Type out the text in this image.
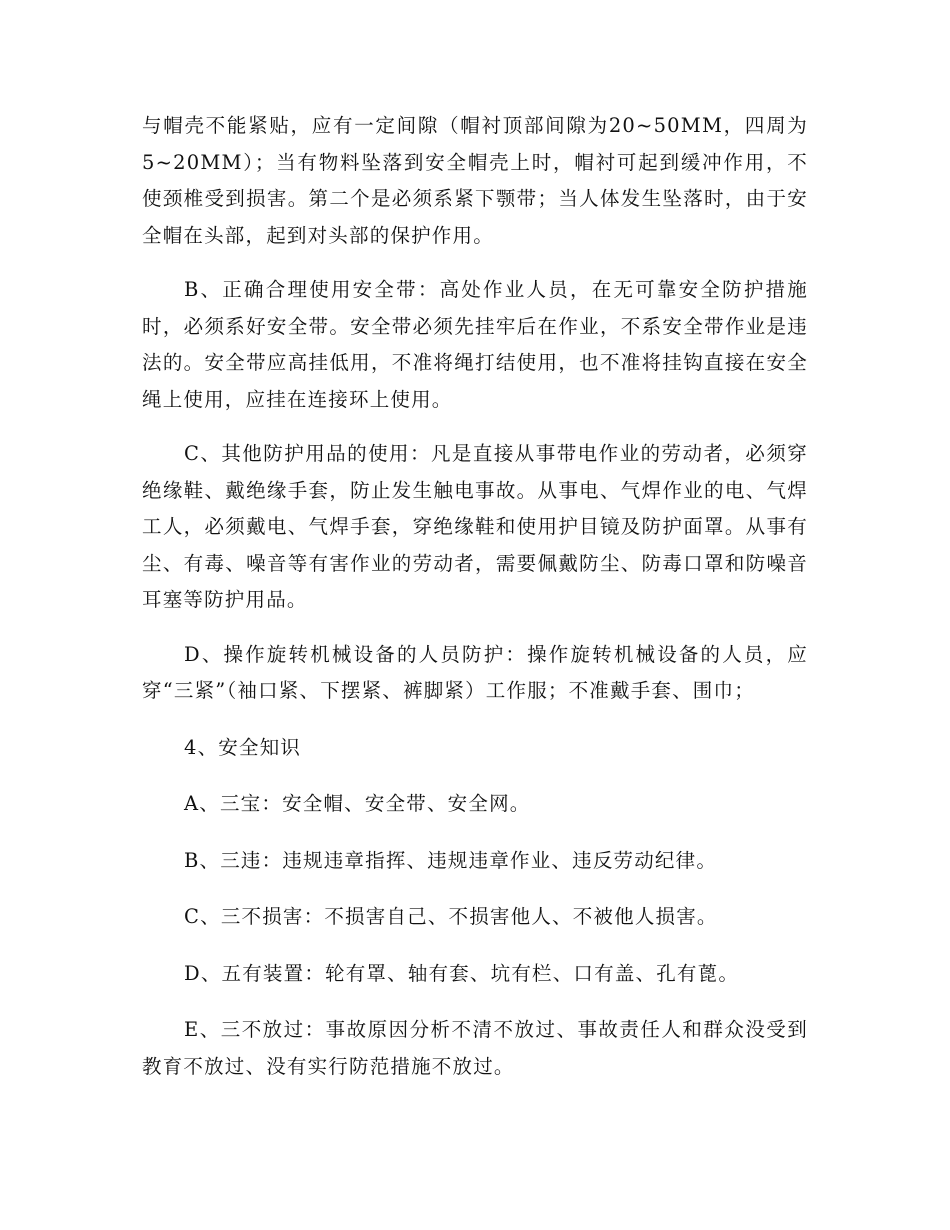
与帽壳不能紧贴，应有一定间隙（帽衬顶部间隙为20~50MM，四周为5~20MM）；当有物料坠落到安全帽壳上时，帽衬可起到缓冲作用，不使颈椎受到损害。第二个是必须系紧下颚带；当人体发生坠落时，由于安全帽在头部，起到对头部的保护作用。

B、正确合理使用安全带：高处作业人员，在无可靠安全防护措施时，必须系好安全带。安全带必须先挂牢后在作业，不系安全带作业是违法的。安全带应高挂低用，不准将绳打结使用，也不准将挂钩直接在安全绳上使用，应挂在连接环上使用。

C、其他防护用品的使用：凡是直接从事带电作业的劳动者，必须穿绝缘鞋、戴绝缘手套，防止发生触电事故。从事电、气焊作业的电、气焊工人，必须戴电、气焊手套，穿绝缘鞋和使用护目镜及防护面罩。从事有尘、有毒、噪音等有害作业的劳动者，需要佩戴防尘、防毒口罩和防噪音耳塞等防护用品。

D、操作旋转机械设备的人员防护：操作旋转机械设备的人员，应穿“三紧”（袖口紧、下摆紧、裤脚紧）工作服；不准戴手套、围巾；

4、安全知识

A、三宝：安全帽、安全带、安全网。

B、三违：违规违章指挥、违规违章作业、违反劳动纪律。

C、三不损害：不损害自己、不损害他人、不被他人损害。

D、五有装置：轮有罩、轴有套、坑有栏、口有盖、孔有蓖。

E、三不放过：事故原因分析不清不放过、事故责任人和群众没受到教育不放过、没有实行防范措施不放过。
